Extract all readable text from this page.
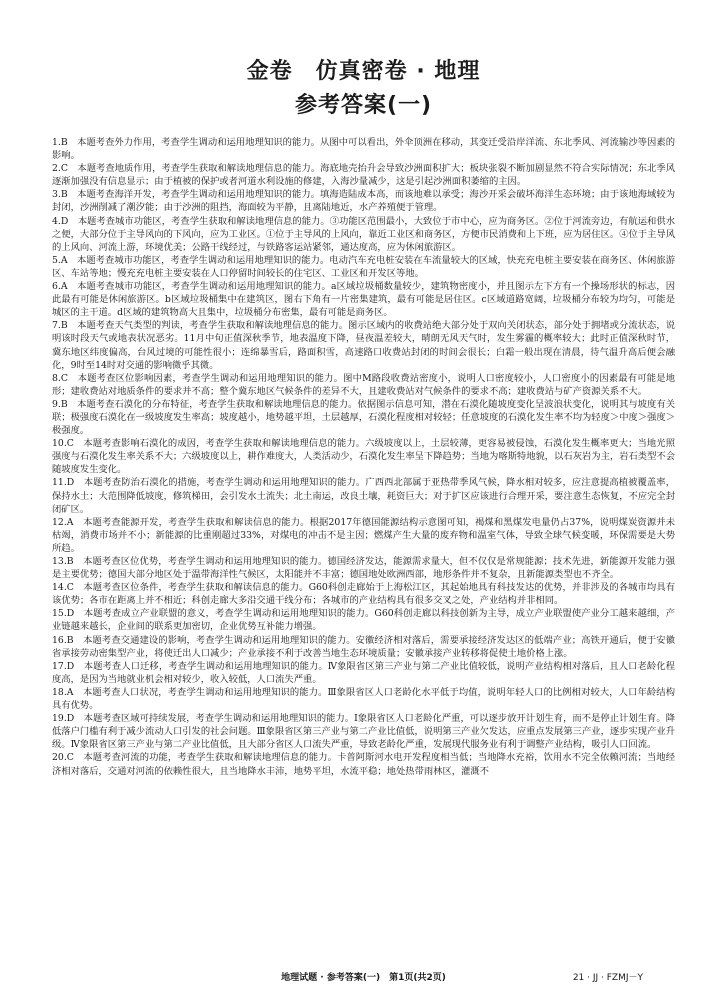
金卷　仿真密卷 · 地理
参考答案(一)

1.B　本题考查外力作用，考查学生调动和运用地理知识的能力。从图中可以看出，外伞顶洲在移动，其变迁受沿岸洋流、东北季风、河流输沙等因素的影响。

2.C　本题考查地质作用，考查学生获取和解读地理信息的能力。海底地壳抬升会导致沙洲面积扩大；板块张裂不断加剧显然不符合实际情况；东北季风逐渐加强没有信息显示；由于植被的保护或者河道水利设施的修建，入海沙量减少，这是引起沙洲面积萎缩的主因。

3.B　本题考查海洋开发，考查学生调动和运用地理知识的能力。填海造陆成本高，而该地难以承受；海沙开采会破坏海洋生态环境；由于该地海域较为封闭，沙洲削减了潮汐能；由于沙洲的阻挡，海面较为平静，且离陆地近，水产养殖便于管理。

4.D　本题考查城市功能区，考查学生获取和解读地理信息的能力。③功能区范围最小，大致位于市中心，应为商务区。②位于河流旁边，有航运和供水之便，大部分位于主导风向的下风向，应为工业区。①位于主导风的上风向，靠近工业区和商务区，方便市民消费和上下班，应为居住区。④位于主导风的上风向、河流上游，环境优美；公路干线经过，与铁路客运站紧邻，通达度高，应为休闲旅游区。

5.A　本题考查城市功能区，考查学生调动和运用地理知识的能力。电动汽车充电桩安装在车流量较大的区域，快充充电桩主要安装在商务区、休闲旅游区、车站等地；慢充充电桩主要安装在人口停留时间较长的住宅区、工业区和开发区等地。

6.A　本题考查城市功能区，考查学生调动和运用地理知识的能力。a区域垃圾桶数量较少，建筑物密度小，并且图示左下方有一个操场形状的标志，因此最有可能是休闲旅游区。b区域垃圾桶集中在建筑区，图右下角有一片密集建筑，最有可能是居住区。c区域道路宽阔，垃圾桶分布较为均匀，可能是城区的主干道。d区域的建筑物高大且集中，垃圾桶分布密集，最有可能是商务区。

7.B　本题考查天气类型的判读，考查学生获取和解读地理信息的能力。图示区域内的收费站绝大部分处于双向关闭状态，部分处于拥堵或分流状态，说明该时段天气或地表状况恶劣。11月中旬正值深秋季节，地表温度下降，昼夜温差较大，晴朗无风天气时，发生雾霾的概率较大；此时正值深秋时节，冀东地区纬度偏高，台风过境的可能性很小；连绵暴雪后，路面积雪，高速路口收费站封闭的时间会很长；白霜一般出现在清晨，待气温升高后便会融化，9时至14时对交通的影响微乎其微。

8.C　本题考查区位影响因素，考查学生调动和运用地理知识的能力。图中M路段收费站密度小，说明人口密度较小，人口密度小的因素最有可能是地形；建收费站对地质条件的要求并不高；整个冀东地区气候条件的差异不大，且建收费站对气候条件的要求不高；建收费站与矿产资源关系不大。

9.B　本题考查石漠化的分布特征，考查学生获取和解读地理信息的能力。依据图示信息可知，潜在石漠化随坡度变化呈波浪状变化，说明其与坡度有关联；极强度石漠化在一级坡度发生率高；坡度越小，地势越平坦，土层越厚，石漠化程度相对较轻；任意坡度的石漠化发生率不均为轻度＞中度＞强度＞极强度。

10.C　本题考查影响石漠化的成因，考查学生获取和解读地理信息的能力。六级坡度以上，土层较薄，更容易被侵蚀，石漠化发生概率更大；当地光照强度与石漠化发生率关系不大；六级坡度以上，耕作难度大，人类活动少，石漠化发生率呈下降趋势；当地为喀斯特地貌，以石灰岩为主，岩石类型不会随坡度发生变化。

11.D　本题考查防治石漠化的措施，考查学生调动和运用地理知识的能力。广西西北部属于亚热带季风气候，降水相对较多，应注意提高植被覆盖率，保持水土；大范围降低坡度，修筑梯田，会引发水土流失；北土南运，改良土壤，耗资巨大；对于扩区应该进行合理开采，要注意生态恢复，不应完全封闭矿区。

12.A　本题考查能源开发，考查学生获取和解读信息的能力。根据2017年德国能源结构示意图可知，褐煤和黑煤发电量仍占37%，说明煤炭资源并未枯竭，消费市场并不小；新能源的比重刚超过33%，对煤电的冲击不是主因；燃煤产生大量的废弃物和温室气体，导致全球气候变暖，环保需要是大势所趋。

13.B　本题考查区位优势，考查学生调动和运用地理知识的能力。德国经济发达，能源需求量大，但不仅仅是常规能源；技术先进，新能源开发能力强是主要优势；德国大部分地区处于温带海洋性气候区，太阳能并不丰富；德国地处欧洲西部，地形条件并不复杂，且新能源类型也不齐全。

14.C　本题考查区位条件，考查学生获取和解读信息的能力。G60科创走廊始于上海松江区，其起始地具有科技发达的优势，并非涉及的各城市均具有该优势；各市在距离上并不相近；科创走廊大多沿交通干线分布；各城市的产业结构具有很多交叉之处，产业结构并非相同。

15.D　本题考查成立产业联盟的意义，考查学生调动和运用地理知识的能力。G60科创走廊以科技创新为主导，成立产业联盟使产业分工越来越细，产业链越来越长，企业间的联系更加密切，企业优势互补能力增强。

16.B　本题考查交通建设的影响，考查学生调动和运用地理知识的能力。安徽经济相对落后，需要承接经济发达区的低端产业；高铁开通后，便于安徽省承接劳动密集型产业，将使迁出人口减少；产业承接不利于改善当地生态环境质量；安徽承接产业转移将促使土地价格上涨。

17.D　本题考查人口迁移，考查学生调动和运用地理知识的能力。Ⅳ象限省区第三产业与第二产业比值较低，说明产业结构相对落后，且人口老龄化程度高，是因为当地就业机会相对较少，收入较低，人口流失严重。

18.A　本题考查人口状况，考查学生调动和运用地理知识的能力。Ⅲ象限省区人口老龄化水平低于均值，说明年轻人口的比例相对较大，人口年龄结构具有优势。

19.D　本题考查区域可持续发展，考查学生调动和运用地理知识的能力。Ⅰ象限省区人口老龄化严重，可以逐步放开计划生育，而不是停止计划生育。降低落户门槛有利于减少流动人口引发的社会问题。Ⅲ象限省区第三产业与第二产业比值低，说明第三产业欠发达，应重点发展第三产业，逐步实现产业升级。Ⅳ象限省区第三产业与第二产业比值低，且大部分省区人口流失严重，导致老龄化严重，发展现代服务业有利于调整产业结构，吸引人口回流。

20.C　本题考查河流的功能，考查学生获取和解读地理信息的能力。卡普阿斯河水电开发程度相当低；当地降水充裕，饮用水不完全依赖河流；当地经济相对落后，交通对河流的依赖性很大，且当地降水丰沛，地势平坦，水流平稳；地处热带雨林区，灌溉不

地理试题 · 参考答案(一)　第1页(共2页)	21 · JJ · FZMJ－Y
